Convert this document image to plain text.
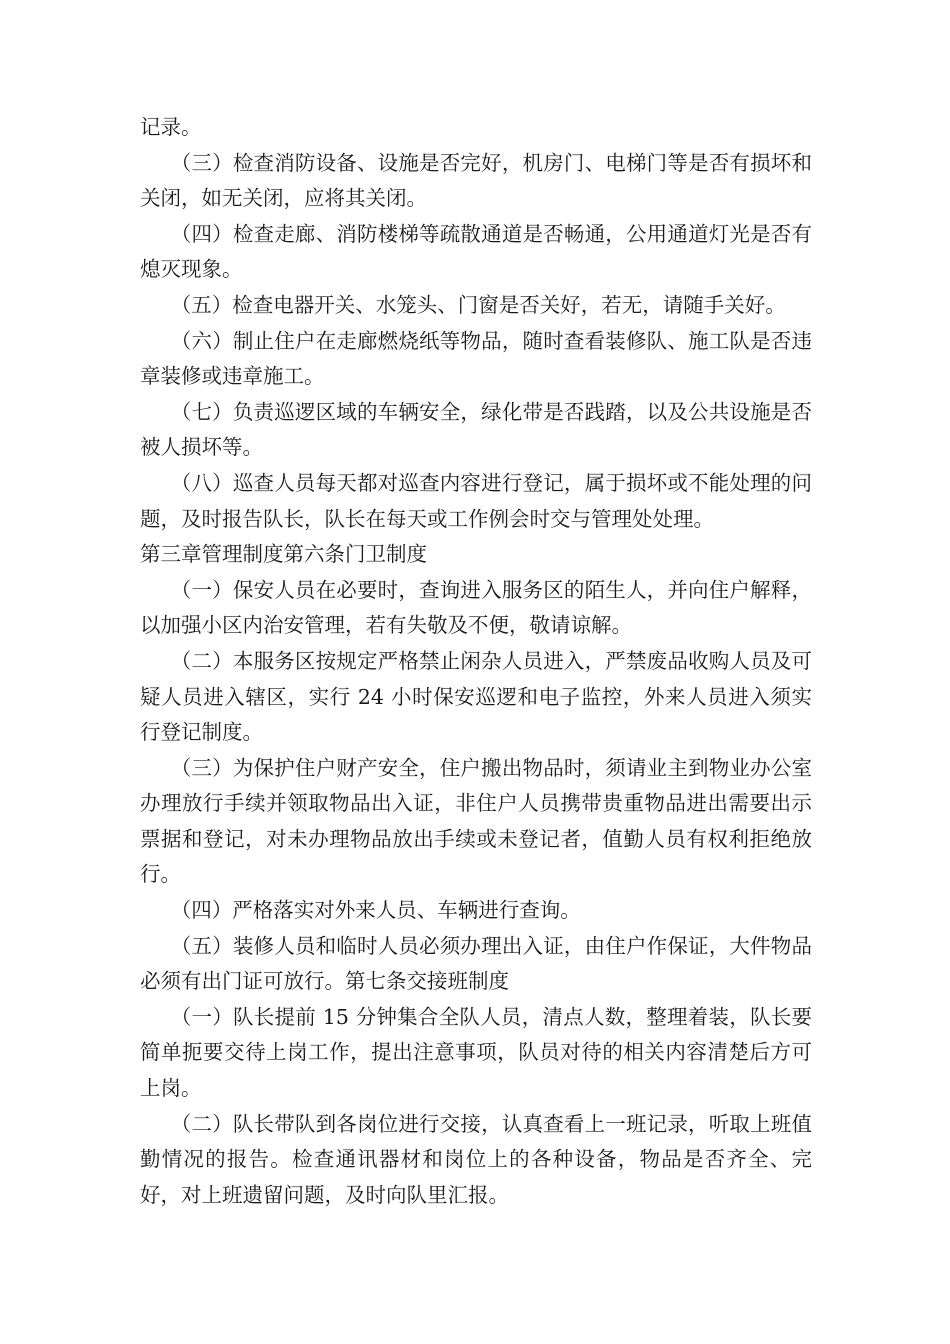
记录。

（三）检查消防设备、设施是否完好，机房门、电梯门等是否有损坏和关闭，如无关闭，应将其关闭。

（四）检查走廊、消防楼梯等疏散通道是否畅通，公用通道灯光是否有熄灭现象。

（五）检查电器开关、水笼头、门窗是否关好，若无，请随手关好。

（六）制止住户在走廊燃烧纸等物品，随时查看装修队、施工队是否违章装修或违章施工。

（七）负责巡逻区域的车辆安全，绿化带是否践踏，以及公共设施是否被人损坏等。

（八）巡查人员每天都对巡查内容进行登记，属于损坏或不能处理的问题，及时报告队长，队长在每天或工作例会时交与管理处处理。

第三章管理制度第六条门卫制度

（一）保安人员在必要时，查询进入服务区的陌生人，并向住户解释，以加强小区内治安管理，若有失敬及不便，敬请谅解。

（二）本服务区按规定严格禁止闲杂人员进入，严禁废品收购人员及可疑人员进入辖区，实行 24 小时保安巡逻和电子监控，外来人员进入须实行登记制度。

（三）为保护住户财产安全，住户搬出物品时，须请业主到物业办公室办理放行手续并领取物品出入证，非住户人员携带贵重物品进出需要出示票据和登记，对未办理物品放出手续或未登记者，值勤人员有权利拒绝放行。

（四）严格落实对外来人员、车辆进行查询。

（五）装修人员和临时人员必须办理出入证，由住户作保证，大件物品必须有出门证可放行。第七条交接班制度

（一）队长提前 15 分钟集合全队人员，清点人数，整理着装，队长要简单扼要交待上岗工作，提出注意事项，队员对待的相关内容清楚后方可上岗。

（二）队长带队到各岗位进行交接，认真查看上一班记录，听取上班值勤情况的报告。检查通讯器材和岗位上的各种设备，物品是否齐全、完好，对上班遗留问题，及时向队里汇报。
